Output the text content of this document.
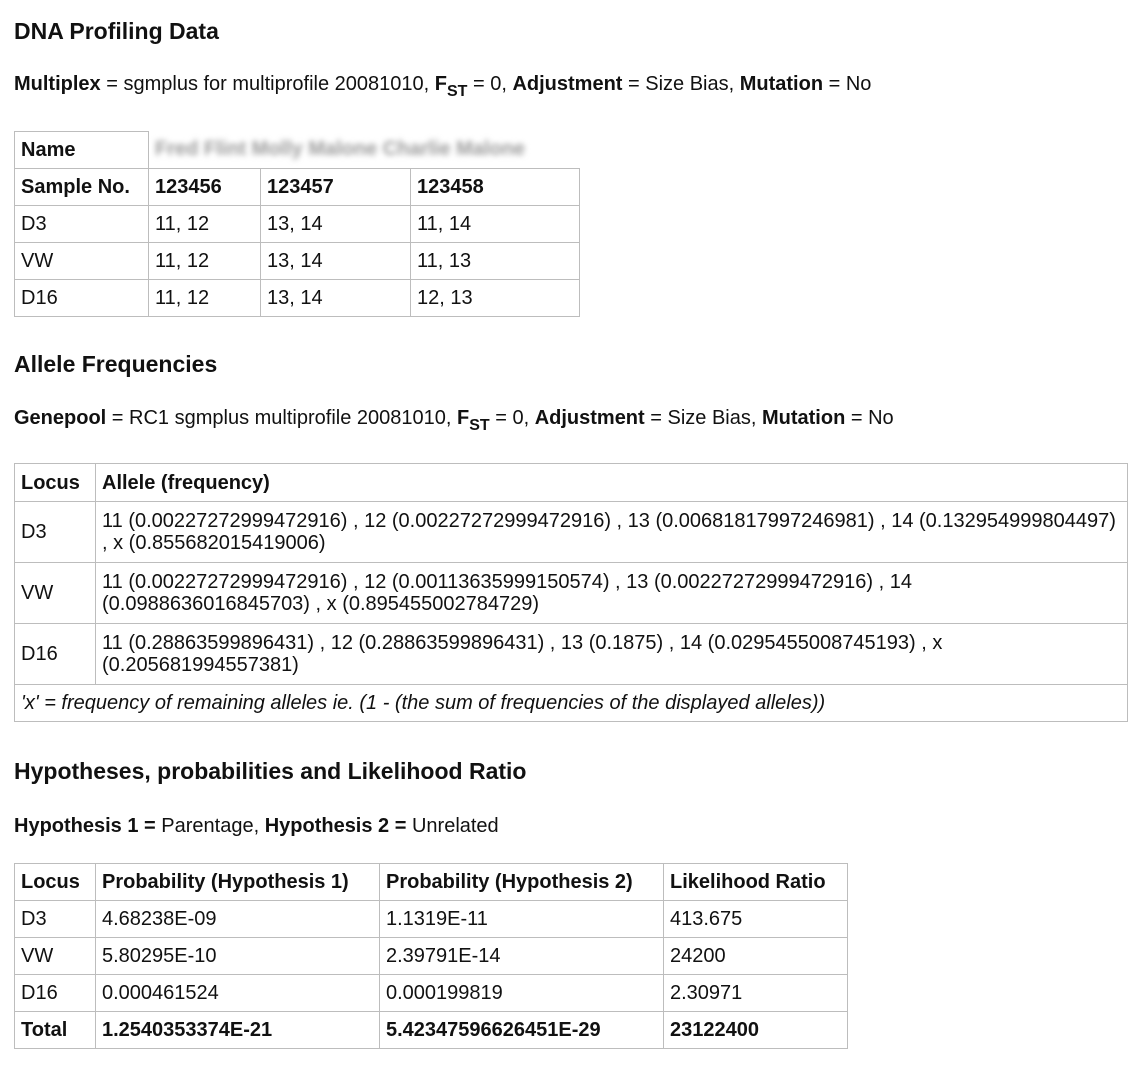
DNA Profiling Data

Multiplex = sgmplus for multiprofile 20081010, $F_{ST} = 0$, Adjustment = Size Bias, Mutation = No

Name	Fred Flint Molly Malone Charlie Malone		
Sample No.	123456	123457	123458
D3	11, 12	13, 14	11, 14
VW	11, 12	13, 14	11, 13
D16	11, 12	13, 14	12, 13
Allele Frequencies

Genepool = RC1 sgmplus multiprofile 20081010, $F_{ST} = 0$, Adjustment = Size Bias, Mutation = No

Locus	Allele (frequency)
D3	11 (0.00227272999472916) , 12 (0.00227272999472916) , 13 (0.00681817997246981) , 14 (0.132954999804497) , x (0.855682015419006)
VW	11 (0.00227272999472916) , 12 (0.00113635999150574) , 13 (0.00227272999472916) , 14 (0.0988636016845703) , x (0.895455002784729)
D16	11 (0.28863599896431) , 12 (0.28863599896431) , 13 (0.1875) , 14 (0.0295455008745193) , x (0.205681994557381)
'x' = frequency of remaining alleles ie. (1 - (the sum of frequencies of the displayed alleles))	
Hypotheses, probabilities and Likelihood Ratio

Hypothesis 1 = Parentage, Hypothesis 2 = Unrelated

Locus	Probability (Hypothesis 1)	Probability (Hypothesis 2)	Likelihood Ratio
D3	4.68238E-09	1.1319E-11	413.675
VW	5.80295E-10	2.39791E-14	24200
D16	0.000461524	0.000199819	2.30971
Total	1.2540353374E-21	5.42347596626451E-29	23122400
